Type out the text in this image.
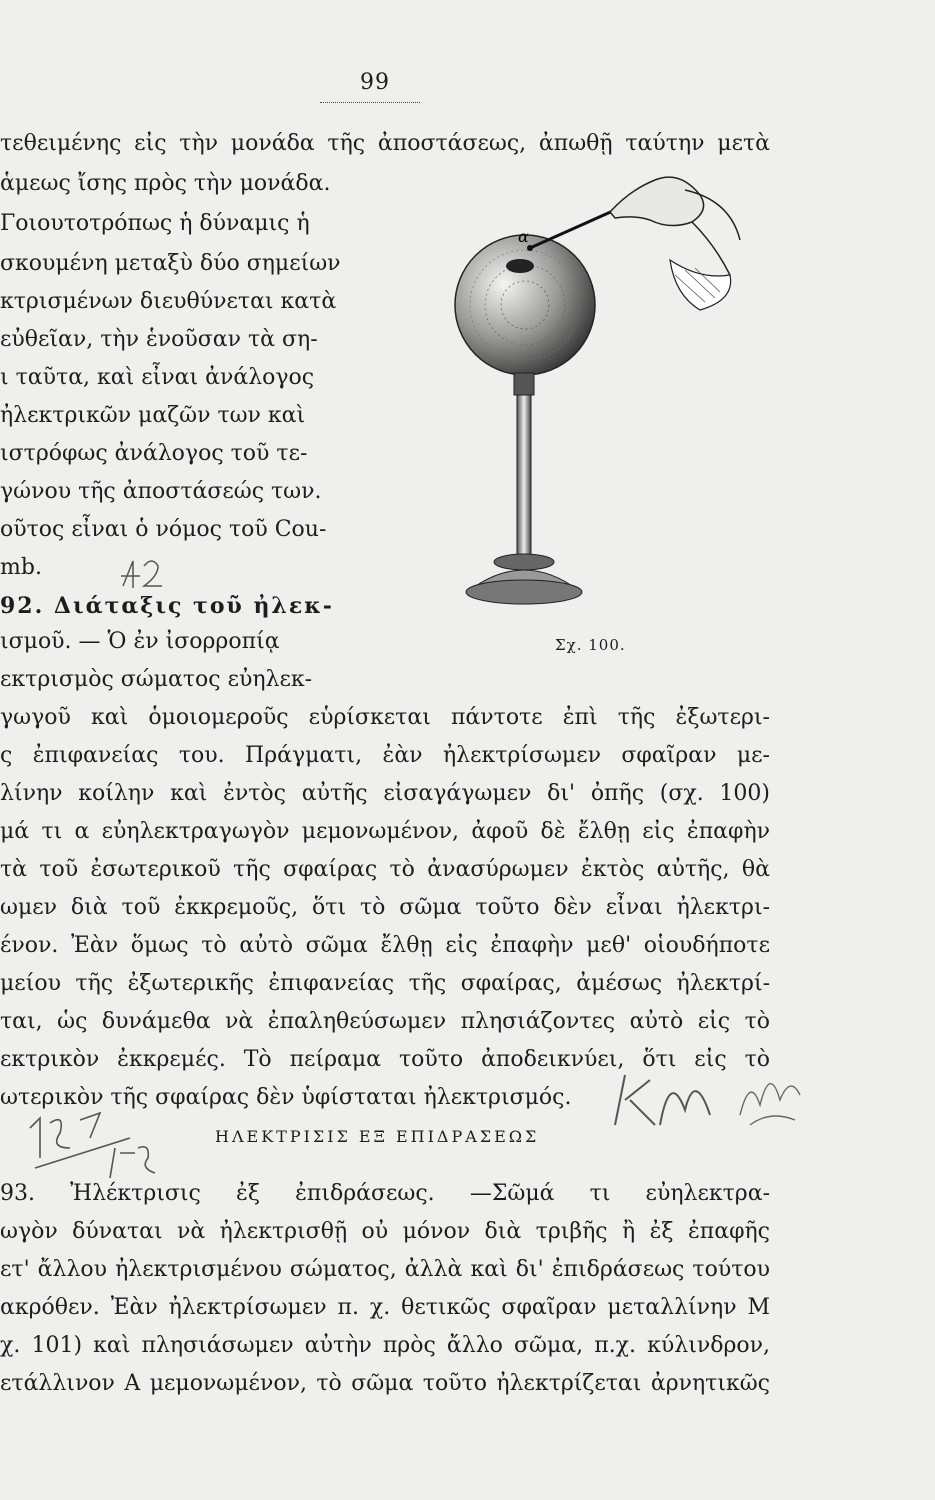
99
τεθειμένης εἰς τὴν μονάδα τῆς ἀποστάσεως, ἀπωθῇ ταύτην μετὰ
ἁμεως ἴσης πρὸς τὴν μονάδα.
Γοιουτοτρόπως ἡ δύναμις ἡ
σκουμένη μεταξὺ δύο σημείων
κτρισμένων διευθύνεται κατὰ
εὐθεῖαν, τὴν ἑνοῦσαν τὰ ση-
ι ταῦτα, καὶ εἶναι ἀνάλογος
ἠλεκτρικῶν μαζῶν των καὶ
ιστρόφως ἀνάλογος τοῦ τε-
γώνου τῆς ἀποστάσεώς των.
οῦτος εἶναι ὁ νόμος τοῦ Cou-
mb.
92. Διάταξις τοῦ ἠλεκ-
ισμοῦ. — Ὁ ἐν ἰσορροπίᾳ
εκτρισμὸς σώματος εὐηλεκ-
α
Σχ. 100.
γωγοῦ καὶ ὁμοιομεροῦς εὑρίσκεται πάντοτε ἐπὶ τῆς ἐξωτερι-
ς ἐπιφανείας του. Πράγματι, ἐὰν ἠλεκτρίσωμεν σφαῖραν με-
λίνην κοίλην καὶ ἐντὸς αὐτῆς εἰσαγάγωμεν δι' ὀπῆς (σχ. 100)
μά τι α εὐηλεκτραγωγὸν μεμονωμένον, ἀφοῦ δὲ ἔλθῃ εἰς ἐπαφὴν
τὰ τοῦ ἐσωτερικοῦ τῆς σφαίρας τὸ ἀνασύρωμεν ἐκτὸς αὐτῆς, θὰ
ωμεν διὰ τοῦ ἐκκρεμοῦς, ὅτι τὸ σῶμα τοῦτο δὲν εἶναι ἠλεκτρι-
ένον. Ἐὰν ὅμως τὸ αὐτὸ σῶμα ἔλθῃ εἰς ἐπαφὴν μεθ' οἱουδήποτε
μείου τῆς ἐξωτερικῆς ἐπιφανείας τῆς σφαίρας, ἀμέσως ἠλεκτρί-
ται, ὡς δυνάμεθα νὰ ἐπαληθεύσωμεν πλησιάζοντες αὐτὸ εἰς τὸ
εκτρικὸν ἐκκρεμές. Τὸ πείραμα τοῦτο ἀποδεικνύει, ὅτι εἰς τὸ
ωτερικὸν τῆς σφαίρας δὲν ὑφίσταται ἠλεκτρισμός.
ΗΛΕΚΤΡΙΣΙΣ ΕΞ ΕΠΙΔΡΑΣΕΩΣ
93. Ἠλέκτρισις ἐξ ἐπιδράσεως. —Σῶμά τι εὐηλεκτρα-
ωγὸν δύναται νὰ ἠλεκτρισθῇ οὐ μόνον διὰ τριβῆς ἢ ἐξ ἐπαφῆς
ετ' ἄλλου ἠλεκτρισμένου σώματος, ἀλλὰ καὶ δι' ἐπιδράσεως τούτου
ακρόθεν. Ἐὰν ἠλεκτρίσωμεν π. χ. θετικῶς σφαῖραν μεταλλίνην Μ
χ. 101) καὶ πλησιάσωμεν αὐτὴν πρὸς ἄλλο σῶμα, π.χ. κύλινδρον,
ετάλλινον Α μεμονωμένον, τὸ σῶμα τοῦτο ἠλεκτρίζεται ἀρνητικῶς
